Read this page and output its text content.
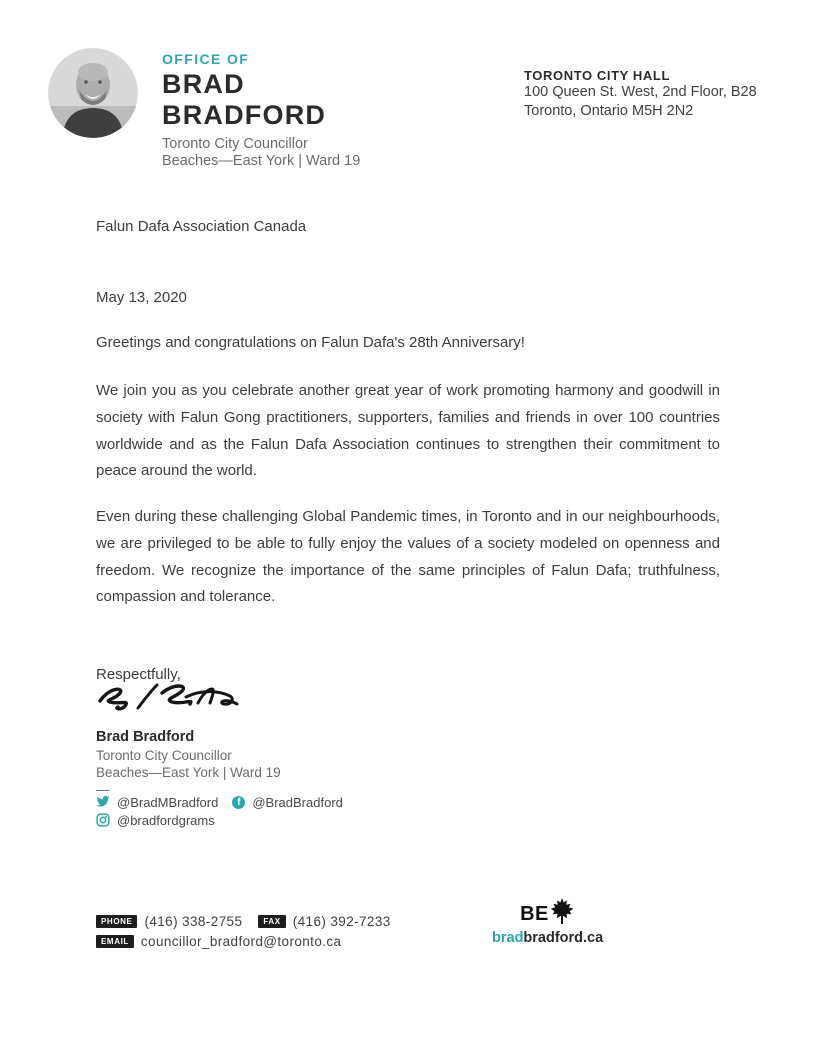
OFFICE OF
BRAD
BRADFORD
Toronto City Councillor
Beaches—East York | Ward 19
TORONTO CITY HALL
100 Queen St. West, 2nd Floor, B28
Toronto, Ontario M5H 2N2
Falun Dafa Association Canada
May 13, 2020
Greetings and congratulations on Falun Dafa's 28th Anniversary!
We join you as you celebrate another great year of work promoting harmony and goodwill in society with Falun Gong practitioners, supporters, families and friends in over 100 countries worldwide and as the Falun Dafa Association continues to strengthen their commitment to peace around the world.
Even during these challenging Global Pandemic times, in Toronto and in our neighbourhoods, we are privileged to be able to fully enjoy the values of a society modeled on openness and freedom. We recognize the importance of the same principles of Falun Dafa; truthfulness, compassion and tolerance.
Respectfully,
Brad Bradford
Toronto City Councillor
Beaches—East York | Ward 19
—
@BradMBradford	f @BradBradford
@bradfordgrams
PHONE (416) 338-2755	FAX (416) 392-7233
EMAIL councillor_bradford@toronto.ca
BE
bradbradford.ca
